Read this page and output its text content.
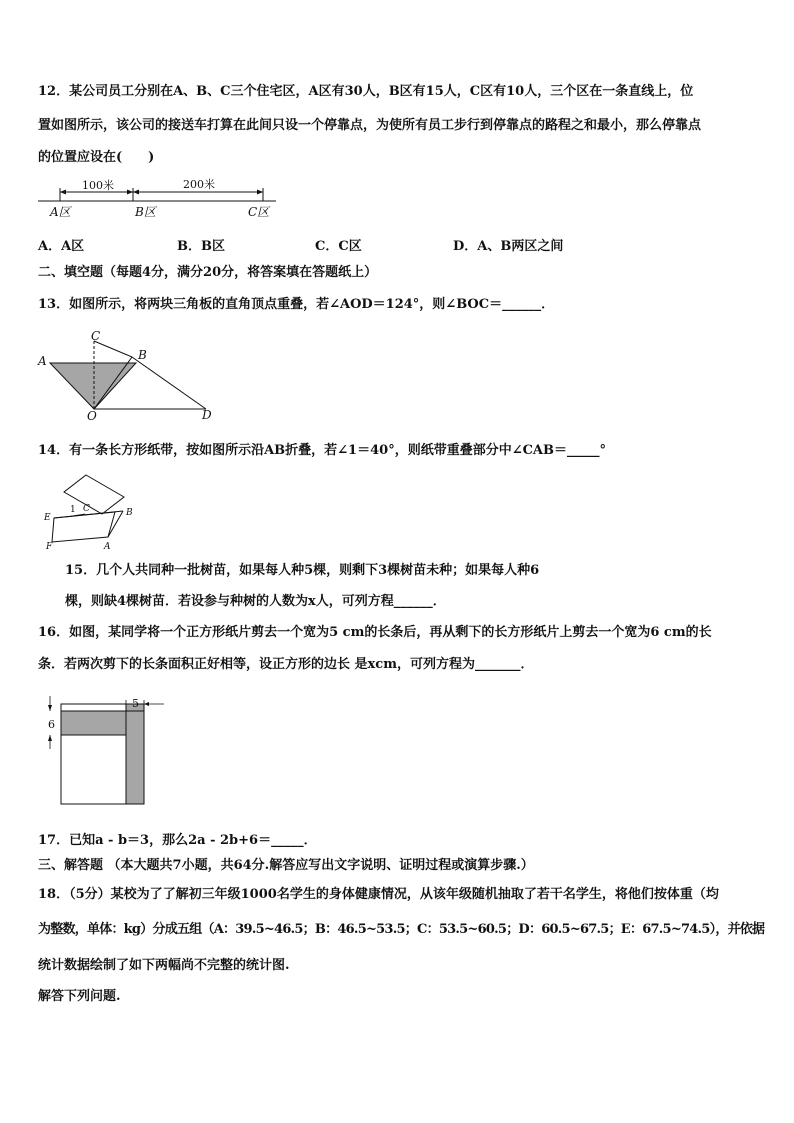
12．某公司员工分别在A、B、C三个住宅区，A区有30人，B区有15人，C区有10人，三个区在一条直线上，位
置如图所示，该公司的接送车打算在此间只设一个停靠点，为使所有员工步行到停靠点的路程之和最小，那么停靠点
的位置应设在(　　)
100米	200米
A区	B区	C区
A．A区	B．B区	C．C区	D．A、B两区之间
二、填空题（每题4分，满分20分，将答案填在答题纸上）
13．如图所示，将两块三角板的直角顶点重叠，若∠AOD＝124°，则∠BOC＝______．
A
C
B
O	D
14．有一条长方形纸带，按如图所示沿AB折叠，若∠1＝40°，则纸带重叠部分中∠CAB＝_____°
E
1 C	B
F	A
15．几个人共同种一批树苗，如果每人种5棵，则剩下3棵树苗未种；如果每人种6
棵，则缺4棵树苗．若设参与种树的人数为x人，可列方程______．
16．如图，某同学将一个正方形纸片剪去一个宽为5 cm的长条后，再从剩下的长方形纸片上剪去一个宽为6 cm的长
条．若两次剪下的长条面积正好相等，设正方形的边长 是xcm，可列方程为_______．
5
6
17．已知a - b＝3，那么2a - 2b+6＝_____．
三、解答题 （本大题共7小题，共64分.解答应写出文字说明、证明过程或演算步骤.）
18．（5分）某校为了了解初三年级1000名学生的身体健康情况，从该年级随机抽取了若干名学生，将他们按体重（均
为整数，单体：kg）分成五组（A：39.5~46.5；B：46.5~53.5；C：53.5~60.5；D：60.5~67.5；E：67.5~74.5），并依据
统计数据绘制了如下两幅尚不完整的统计图.
解答下列问题.
